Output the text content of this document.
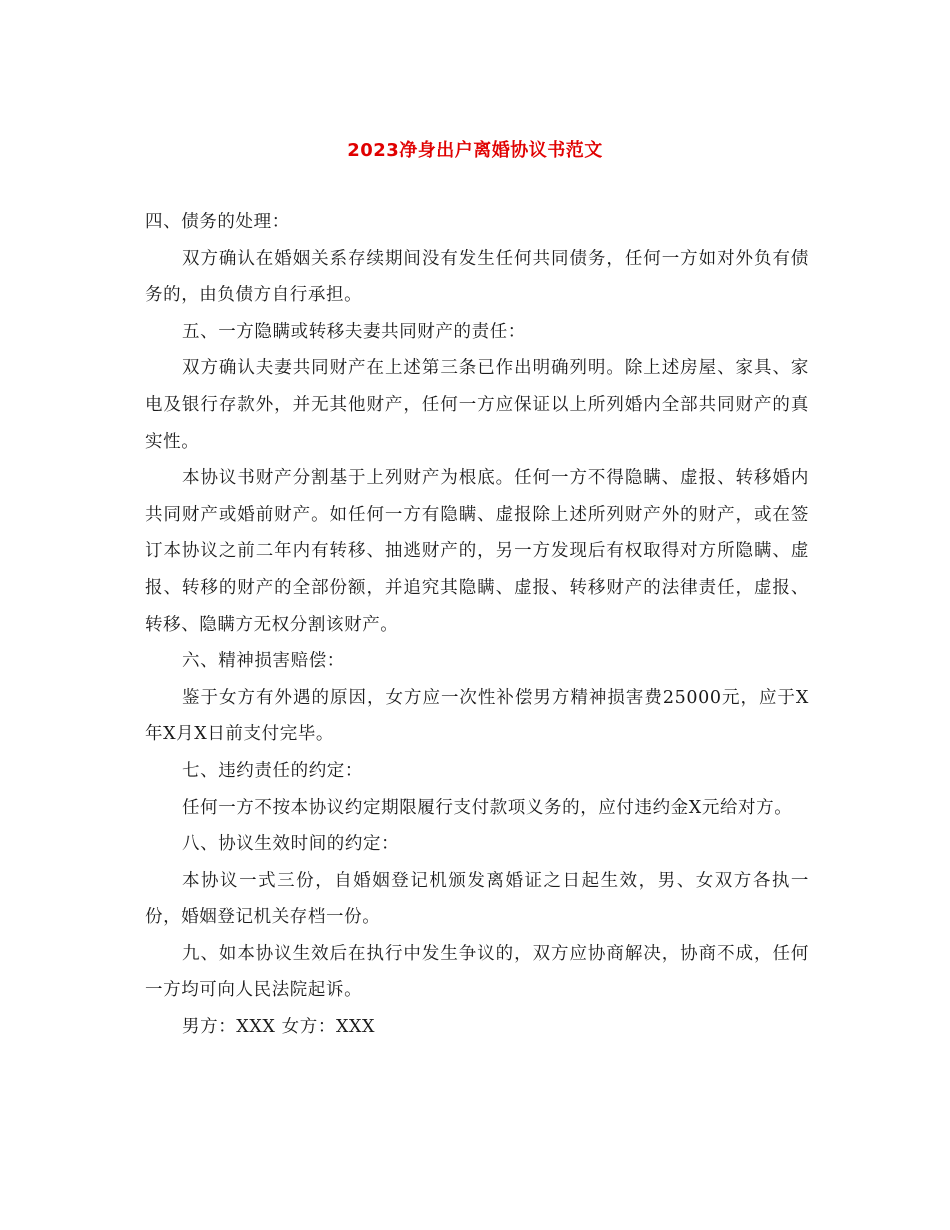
2023净身出户离婚协议书范文

四、债务的处理：

双方确认在婚姻关系存续期间没有发生任何共同债务，任何一方如对外负有债务的，由负债方自行承担。

五、一方隐瞒或转移夫妻共同财产的责任：

双方确认夫妻共同财产在上述第三条已作出明确列明。除上述房屋、家具、家电及银行存款外，并无其他财产，任何一方应保证以上所列婚内全部共同财产的真实性。

本协议书财产分割基于上列财产为根底。任何一方不得隐瞒、虚报、转移婚内共同财产或婚前财产。如任何一方有隐瞒、虚报除上述所列财产外的财产，或在签订本协议之前二年内有转移、抽逃财产的，另一方发现后有权取得对方所隐瞒、虚报、转移的财产的全部份额，并追究其隐瞒、虚报、转移财产的法律责任，虚报、转移、隐瞒方无权分割该财产。

六、精神损害赔偿：

鉴于女方有外遇的原因，女方应一次性补偿男方精神损害费25000元，应于X年X月X日前支付完毕。

七、违约责任的约定：

任何一方不按本协议约定期限履行支付款项义务的，应付违约金X元给对方。

八、协议生效时间的约定：

本协议一式三份，自婚姻登记机颁发离婚证之日起生效，男、女双方各执一份，婚姻登记机关存档一份。

九、如本协议生效后在执行中发生争议的，双方应协商解决，协商不成，任何一方均可向人民法院起诉。

男方：XXX 女方：XXX
